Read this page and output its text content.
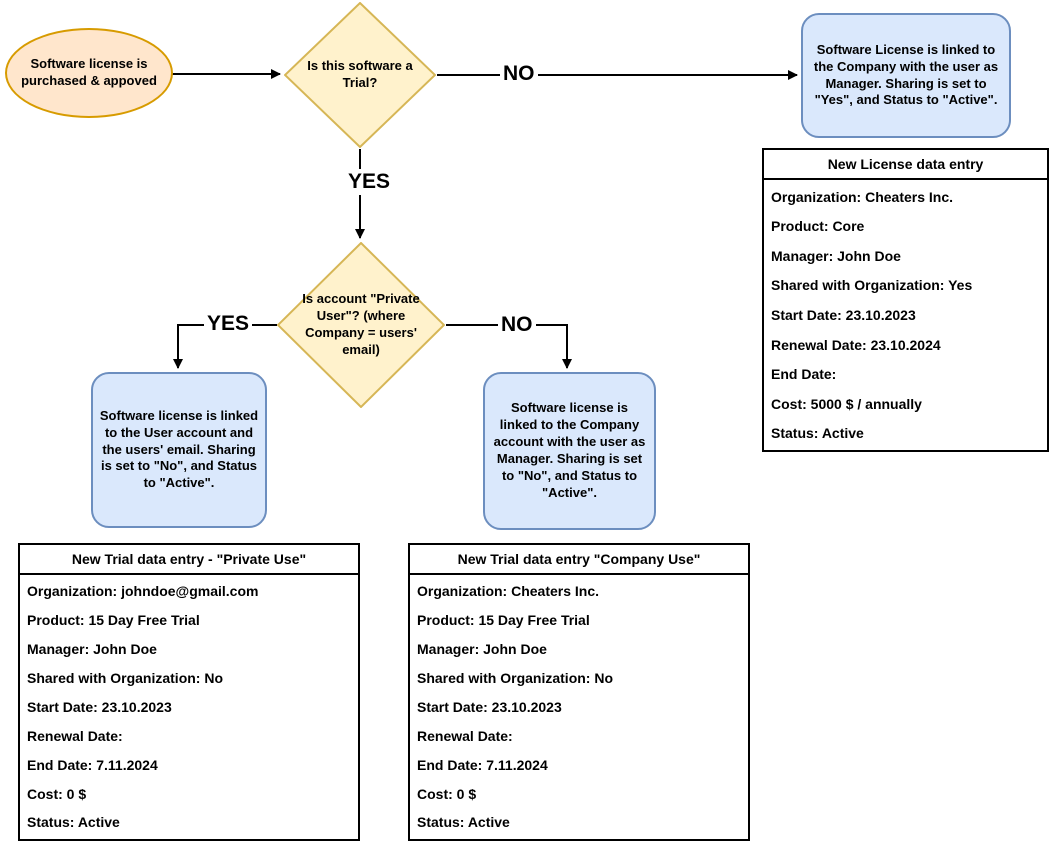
Software license is purchased & appoved
Is this software a Trial?
Is account "Private User"? (where Company = users' email)
NO
YES
YES	NO
Software License is linked to the Company with the user as Manager. Sharing is set to "Yes", and Status to "Active".
Software license is linked to the User account and the users' email. Sharing is set to "No", and Status to "Active".
Software license is linked to the Company account with the user as Manager. Sharing is set to "No", and Status to "Active".
New License data entry
Organization: Cheaters Inc.
Product: Core
Manager: John Doe
Shared with Organization: Yes
Start Date: 23.10.2023
Renewal Date: 23.10.2024
End Date:
Cost: 5000 $ / annually
Status: Active
New Trial data entry - "Private Use"
Organization: johndoe@gmail.com
Product: 15 Day Free Trial
Manager: John Doe
Shared with Organization: No
Start Date: 23.10.2023
Renewal Date:
End Date: 7.11.2024
Cost: 0 $
Status: Active
New Trial data entry "Company Use"
Organization: Cheaters Inc.
Product: 15 Day Free Trial
Manager: John Doe
Shared with Organization: No
Start Date: 23.10.2023
Renewal Date:
End Date: 7.11.2024
Cost: 0 $
Status: Active
